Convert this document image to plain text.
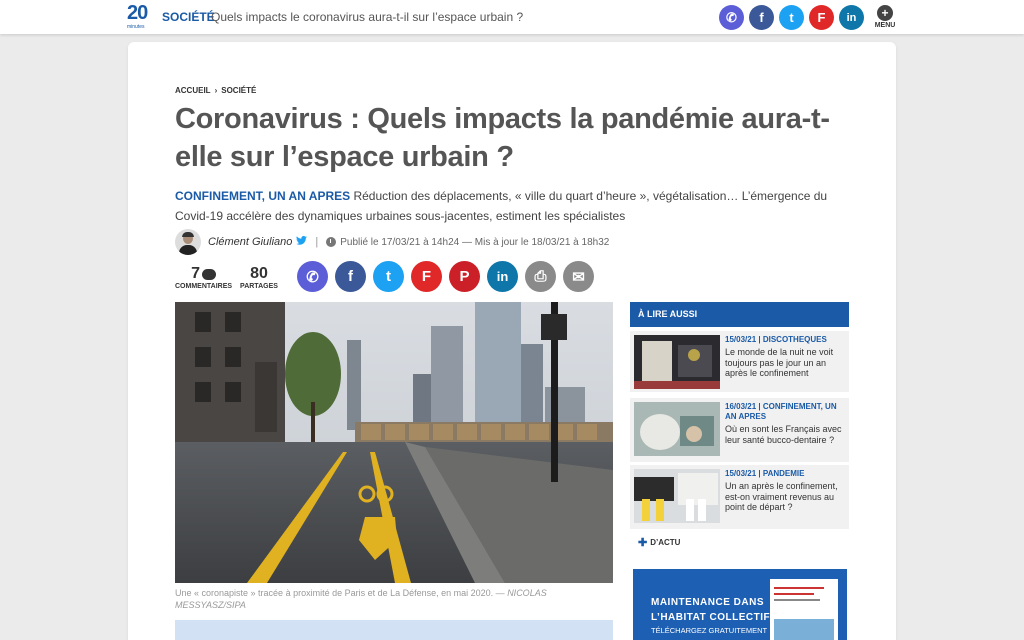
20
minutes
SOCIÉTÉ
Quels impacts le coronavirus aura-t-il sur l’espace urbain ?	✆ f t F in	+
MENU
ACCUEIL › SOCIÉTÉ
Coronavirus : Quels impacts la pandémie aura-t-elle sur l’espace urbain ?

CONFINEMENT, UN AN APRES Réduction des déplacements, « ville du quart d’heure », végétalisation… L’émergence du Covid-19 accélère des dynamiques urbaines sous-jacentes, estiment les spécialistes

Clément Giuliano | Publié le 17/03/21 à 14h24 — Mis à jour le 18/03/21 à 18h32
7
COMMENTAIRES
80
PARTAGES
✆ f t F P in ⎙ ✉

Une « coronapiste » tracée à proximité de Paris et de La Défense, en mai 2020. — NICOLAS MESSYASZ/SIPA

À LIRE AUSSI
15/03/21 | DISCOTHEQUES
Le monde de la nuit ne voit toujours pas le jour un an après le confinement
16/03/21 | CONFINEMENT, UN AN APRES
Où en sont les Français avec leur santé bucco-dentaire ?
15/03/21 | PANDEMIE
Un an après le confinement, est-on vraiment revenus au point de départ ?
✚ D’ACTU
MAINTENANCE DANS
L’HABITAT COLLECTIF
TÉLÉCHARGEZ GRATUITEMENT
